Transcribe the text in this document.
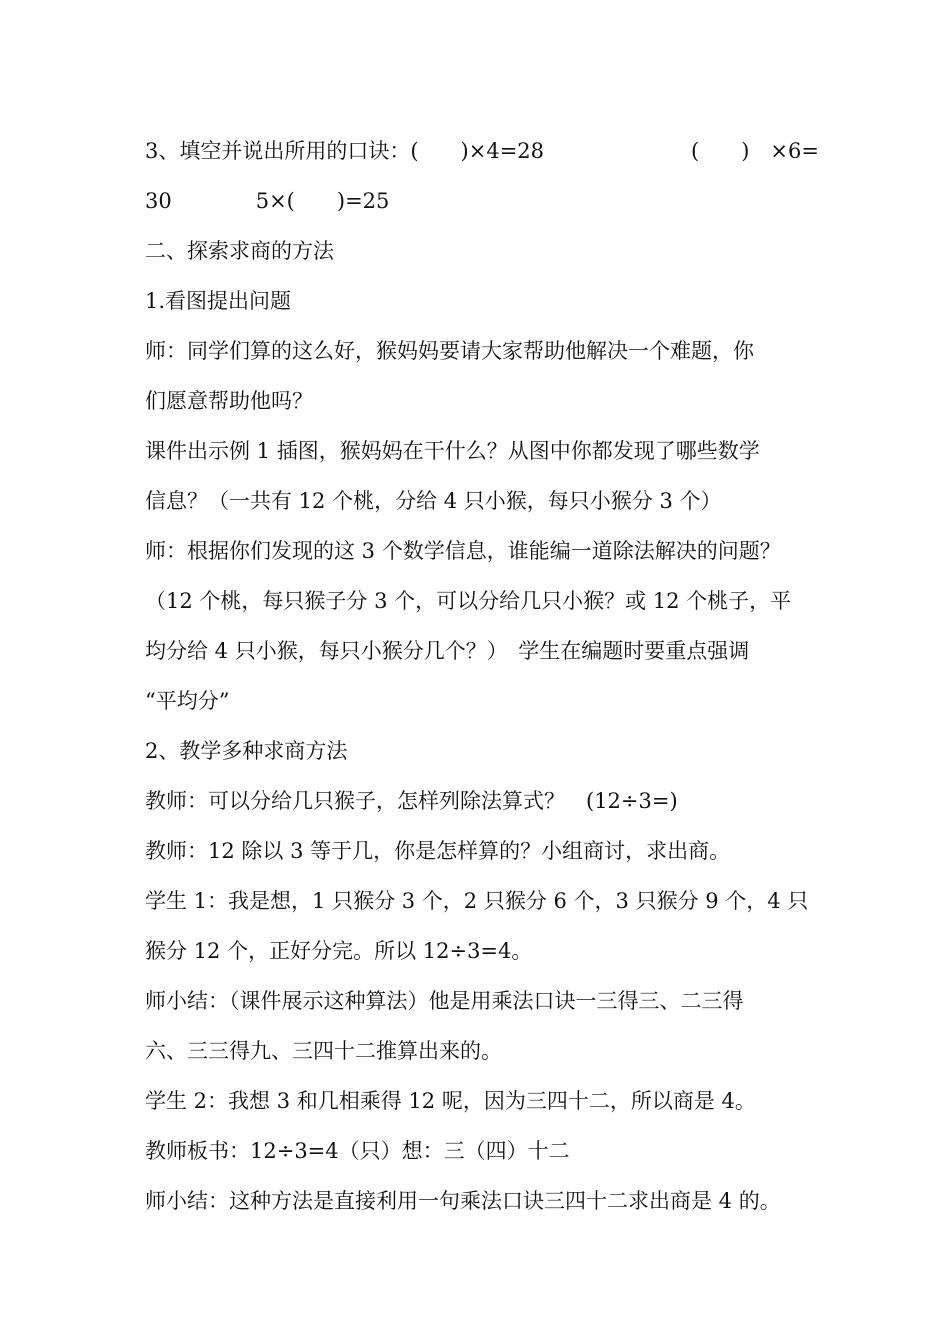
3、填空并说出所用的口诀：(　　)×4=28　　　　　　　(　　)　×6=

30　　　　5×(　　)=25

二、探索求商的方法

1.看图提出问题

师：同学们算的这么好，猴妈妈要请大家帮助他解决一个难题，你

们愿意帮助他吗？

课件出示例 1 插图，猴妈妈在干什么？从图中你都发现了哪些数学

信息？（一共有 12 个桃，分给 4 只小猴，每只小猴分 3 个）

师：根据你们发现的这 3 个数学信息，谁能编一道除法解决的问题？

（12 个桃，每只猴子分 3 个，可以分给几只小猴？或 12 个桃子，平

均分给 4 只小猴，每只小猴分几个？）　学生在编题时要重点强调

“平均分”

2、教学多种求商方法

教师：可以分给几只猴子，怎样列除法算式？　(12÷3=)

教师：12 除以 3 等于几，你是怎样算的？小组商讨，求出商。

学生 1：我是想，1 只猴分 3 个，2 只猴分 6 个，3 只猴分 9 个，4 只

猴分 12 个，正好分完。所以 12÷3=4。

师小结：（课件展示这种算法）他是用乘法口诀一三得三、二三得

六、三三得九、三四十二推算出来的。

学生 2：我想 3 和几相乘得 12 呢，因为三四十二，所以商是 4。

教师板书：12÷3=4（只）想：三（四）十二

师小结：这种方法是直接利用一句乘法口诀三四十二求出商是 4 的。
